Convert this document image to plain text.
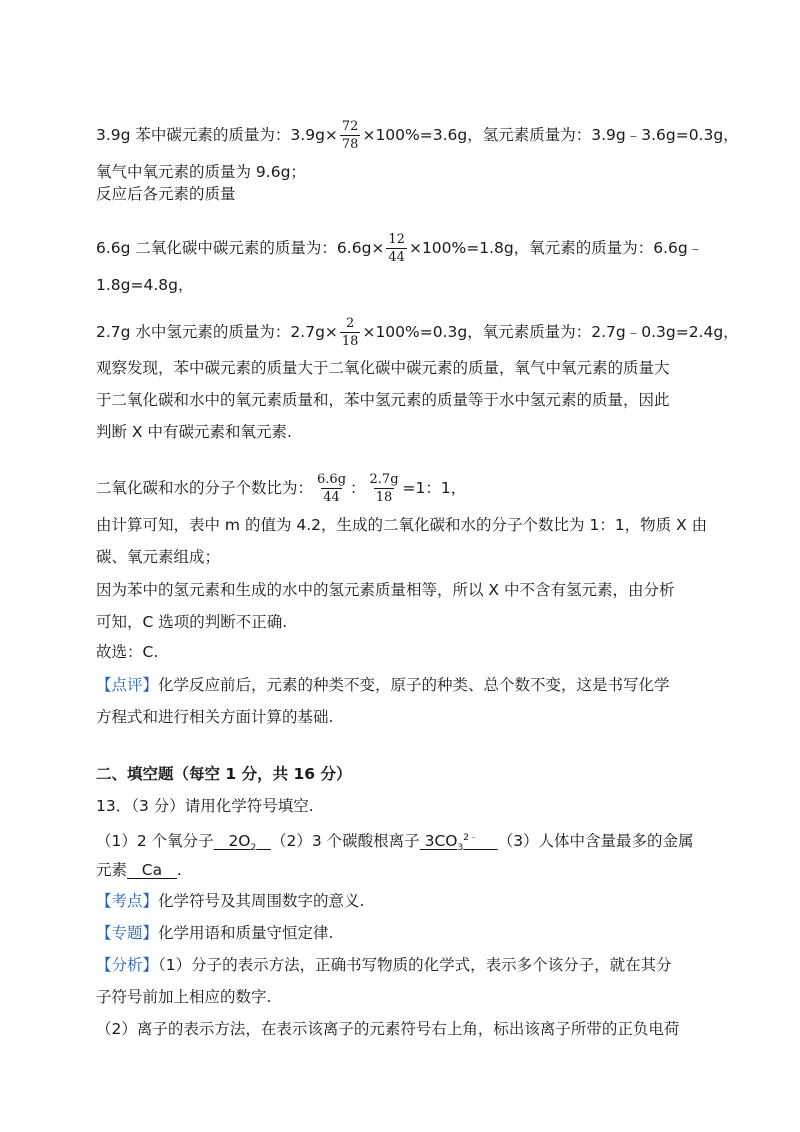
3.9g 苯中碳元素的质量为：$3.9g\times \frac{72}{78} \times 100\%=3.6g$，氢元素质量为：3.9g﹣3.6g=0.3g，
氧气中氧元素的质量为 9.6g；
反应后各元素的质量
6.6g 二氧化碳中碳元素的质量为：$6.6g\times \frac{12}{44} \times 100\%=1.8g$，氧元素的质量为：6.6g﹣
1.8g=4.8g，
2.7g 水中氢元素的质量为：$2.7g\times \frac{2}{18} \times 100\%=0.3g$，氧元素质量为：2.7g﹣0.3g=2.4g，
观察发现，苯中碳元素的质量大于二氧化碳中碳元素的质量，氧气中氧元素的质量大
于二氧化碳和水中的氧元素质量和，苯中氢元素的质量等于水中氢元素的质量，因此
判断 X 中有碳元素和氧元素.
二氧化碳和水的分子个数比为： $\frac{6.6g}{44}$ ： $\frac{2.7g}{18} =1$：1，
由计算可知，表中 m 的值为 4.2，生成的二氧化碳和水的分子个数比为 1：1，物质 X 由
碳、氧元素组成；
因为苯中的氢元素和生成的水中的氢元素质量相等，所以 X 中不含有氢元素，由分析
可知，C 选项的判断不正确.
故选：C.
【点评】化学反应前后，元素的种类不变，原子的种类、总个数不变，这是书写化学
方程式和进行相关方面计算的基础.
二、填空题（每空 1 分，共 16 分）
13．（3 分）请用化学符号填空.
（1）2 个氧分子 $2O_2$ （2）3 个碳酸根离子 $3CO_3^{2﹣}$ （3）人体中含量最多的金属
元素 Ca .
【考点】化学符号及其周围数字的意义.
【专题】化学用语和质量守恒定律.
【分析】（1）分子的表示方法，正确书写物质的化学式，表示多个该分子，就在其分
子符号前加上相应的数字.
（2）离子的表示方法，在表示该离子的元素符号右上角，标出该离子所带的正负电荷
